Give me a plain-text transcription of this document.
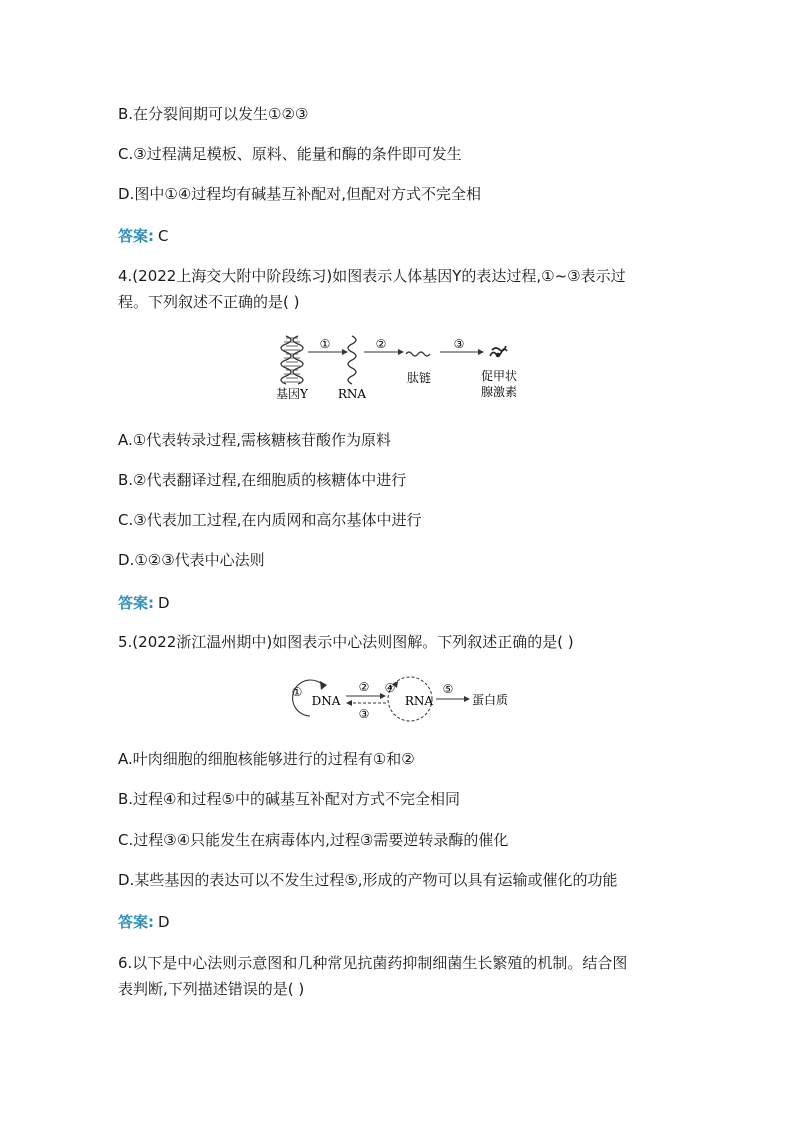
B.在分裂间期可以发生①②③
C.③过程满足模板、原料、能量和酶的条件即可发生
D.图中①④过程均有碱基互补配对,但配对方式不完全相
答案: C
4.(2022上海交大附中阶段练习)如图表示人体基因Y的表达过程,①~③表示过
程。下列叙述不正确的是( )
①	②	③
基因Y RNA
肽链	促甲状
腺激素
A.①代表转录过程,需核糖核苷酸作为原料
B.②代表翻译过程,在细胞质的核糖体中进行
C.③代表加工过程,在内质网和高尔基体中进行
D.①②③代表中心法则
答案: D
5.(2022浙江温州期中)如图表示中心法则图解。下列叙述正确的是( )
①
DNA
②
③
④
RNA
⑤
蛋白质
A.叶肉细胞的细胞核能够进行的过程有①和②
B.过程④和过程⑤中的碱基互补配对方式不完全相同
C.过程③④只能发生在病毒体内,过程③需要逆转录酶的催化
D.某些基因的表达可以不发生过程⑤,形成的产物可以具有运输或催化的功能
答案: D
6.以下是中心法则示意图和几种常见抗菌药抑制细菌生长繁殖的机制。结合图
表判断,下列描述错误的是( )
